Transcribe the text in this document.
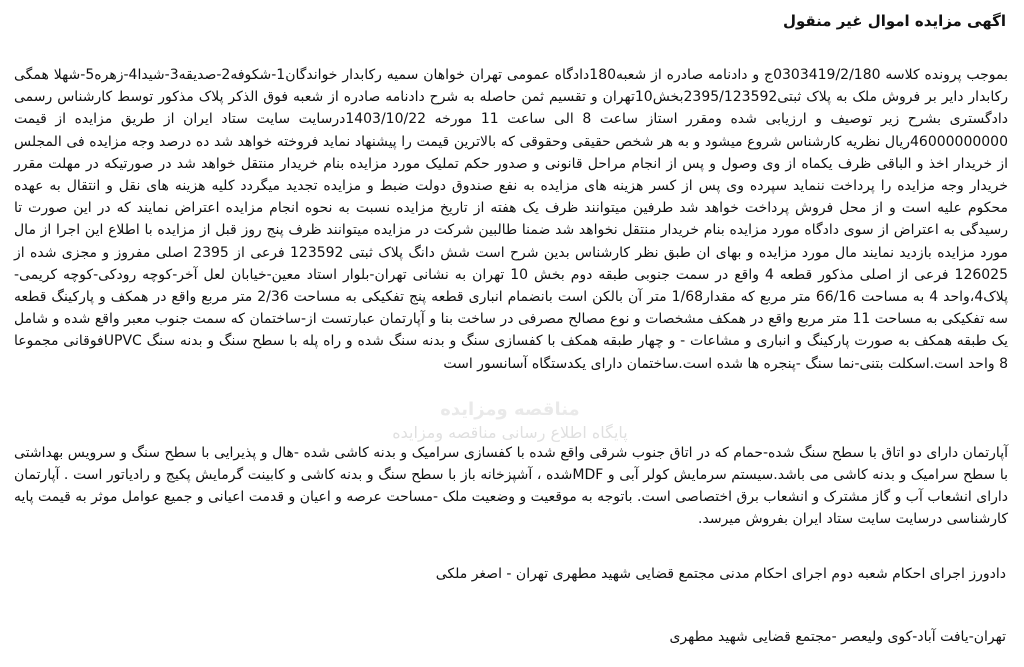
اگهی مزایده اموال غیر منقول

بموجب پرونده کلاسه 0303419/2/180ج و دادنامه صادره از شعبه180دادگاه عمومی تهران خواهان سمیه رکابدار خواندگان1-شکوفه2-صدیقه3-شیدا4-زهره5-شهلا همگی رکابدار دایر بر فروش ملک به پلاک ثبتی2395/123592بخش10تهران و تقسیم ثمن حاصله به شرح دادنامه صادره از شعبه فوق الذکر پلاک مذکور توسط کارشناس رسمی دادگستری بشرح زیر توصیف و ارزیابی شده ومقرر استاز ساعت 8 الی ساعت 11 مورخه 1403/10/22درسایت سایت ستاد ایران از طریق مزایده از قیمت 46000000000ریال نظریه کارشناس شروع میشود و به هر شخص حقیقی وحقوقی که بالاترین قیمت را پیشنهاد نماید فروخته خواهد شد ده درصد وجه مزایده فی المجلس از خریدار اخذ و الباقی ظرف یکماه از وی وصول و پس از انجام مراحل قانونی و صدور حکم تملیک مورد مزایده بنام خریدار منتقل خواهد شد در صورتیکه در مهلت مقرر خریدار وجه مزایده را پرداخت ننماید سپرده وی پس از کسر هزینه های مزایده به نفع صندوق دولت ضبط و مزایده تجدید میگردد کلیه هزینه های نقل و انتقال به عهده محکوم علیه است و از محل فروش پرداخت خواهد شد طرفین میتوانند ظرف یک هفته از تاریخ مزایده نسبت به نحوه انجام مزایده اعتراض نمایند که در این صورت تا رسیدگی به اعتراض از سوی دادگاه مورد مزایده بنام خریدار منتقل نخواهد شد ضمنا طالبین شرکت در مزایده میتوانند ظرف پنج روز قبل از مزایده با اطلاع این اجرا از مال مورد مزایده بازدید نمایند مال مورد مزایده و بهای ان طبق نظر کارشناس بدین شرح است شش دانگ پلاک ثبتی 123592 فرعی از 2395 اصلی مفروز و مجزی شده از 126025 فرعی از اصلی مذکور قطعه 4 واقع در سمت جنوبی طبقه دوم بخش 10 تهران به نشانی تهران-بلوار استاد معین-خیابان لعل آخر-کوچه رودکی-کوچه کریمی-پلاک4،واحد 4 به مساحت 66/16 متر مربع که مقدار1/68 متر آن بالکن است بانضمام انباری قطعه پنج تفکیکی به مساحت 2/36 متر مربع واقع در همکف و پارکینگ قطعه سه تفکیکی به مساحت 11 متر مربع واقع در همکف مشخصات و نوع مصالح مصرفی در ساخت بنا و آپارتمان عبارتست از-ساختمان که سمت جنوب معبر واقع شده و شامل یک طبقه همکف به صورت پارکینگ و انباری و مشاعات - و چهار طبقه همکف با کفسازی سنگ و بدنه سنگ شده و راه پله با سطح سنگ و بدنه سنگ UPVCفوقانی مجموعا 8 واحد است.اسکلت بتنی-نما سنگ -پنجره ها شده است.ساختمان دارای یکدستگاه آسانسور است

مناقصه ومزایده
پایگاه اطلاع رسانی مناقصه ومزایده

آپارتمان دارای دو اتاق با سطح سنگ شده-حمام که در اتاق جنوب شرقی واقع شده با کفسازی سرامیک و بدنه کاشی شده -هال و پذیرایی با سطح سنگ و سرویس بهداشتی با سطح سرامیک و بدنه کاشی می باشد.سیستم سرمایش کولر آبی و MDFشده ، آشپزخانه باز با سطح سنگ و بدنه کاشی و کابینت گرمایش پکیج و رادیاتور است . آپارتمان دارای انشعاب آب و گاز مشترک و انشعاب برق اختصاصی است. باتوجه به موقعیت و وضعیت ملک -مساحت عرصه و اعیان و قدمت اعیانی و جمیع عوامل موثر به قیمت پایه کارشناسی درسایت سایت ستاد ایران بفروش میرسد.

دادورز اجرای احکام شعبه دوم اجرای احکام مدنی مجتمع قضایی شهید مطهری تهران - اصغر ملکی
تهران-یافت آباد-کوی ولیعصر -مجتمع قضایی شهید مطهری
